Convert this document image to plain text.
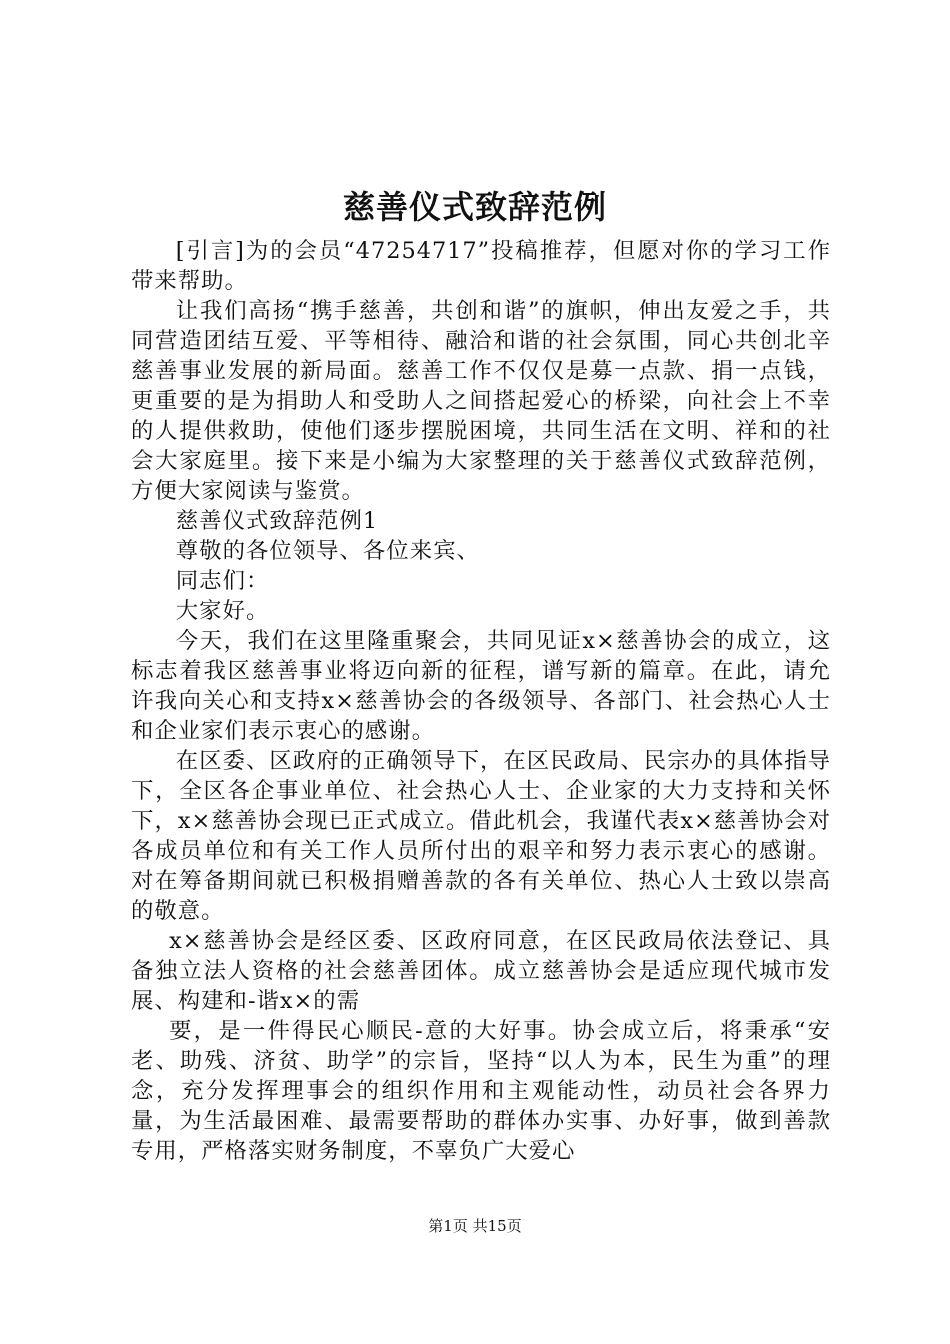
慈善仪式致辞范例

[引言]为的会员“47254717”投稿推荐，但愿对你的学习工作带来帮助。

让我们高扬“携手慈善，共创和谐”的旗帜，伸出友爱之手，共同营造团结互爱、平等相待、融洽和谐的社会氛围，同心共创北辛慈善事业发展的新局面。慈善工作不仅仅是募一点款、捐一点钱，更重要的是为捐助人和受助人之间搭起爱心的桥梁，向社会上不幸的人提供救助，使他们逐步摆脱困境，共同生活在文明、祥和的社会大家庭里。接下来是小编为大家整理的关于慈善仪式致辞范例，方便大家阅读与鉴赏。

慈善仪式致辞范例1

尊敬的各位领导、各位来宾、

同志们：

大家好。

今天，我们在这里隆重聚会，共同见证x×慈善协会的成立，这标志着我区慈善事业将迈向新的征程，谱写新的篇章。在此，请允许我向关心和支持x×慈善协会的各级领导、各部门、社会热心人士和企业家们表示衷心的感谢。

在区委、区政府的正确领导下，在区民政局、民宗办的具体指导下，全区各企事业单位、社会热心人士、企业家的大力支持和关怀下，x×慈善协会现已正式成立。借此机会，我谨代表x×慈善协会对各成员单位和有关工作人员所付出的艰辛和努力表示衷心的感谢。对在筹备期间就已积极捐赠善款的各有关单位、热心人士致以崇高的敬意。

x×慈善协会是经区委、区政府同意，在区民政局依法登记、具备独立法人资格的社会慈善团体。成立慈善协会是适应现代城市发展、构建和-谐x×的需

要，是一件得民心顺民-意的大好事。协会成立后，将秉承“安老、助残、济贫、助学”的宗旨，坚持“以人为本，民生为重”的理念，充分发挥理事会的组织作用和主观能动性，动员社会各界力量，为生活最困难、最需要帮助的群体办实事、办好事，做到善款专用，严格落实财务制度，不辜负广大爱心

第1页 共15页
